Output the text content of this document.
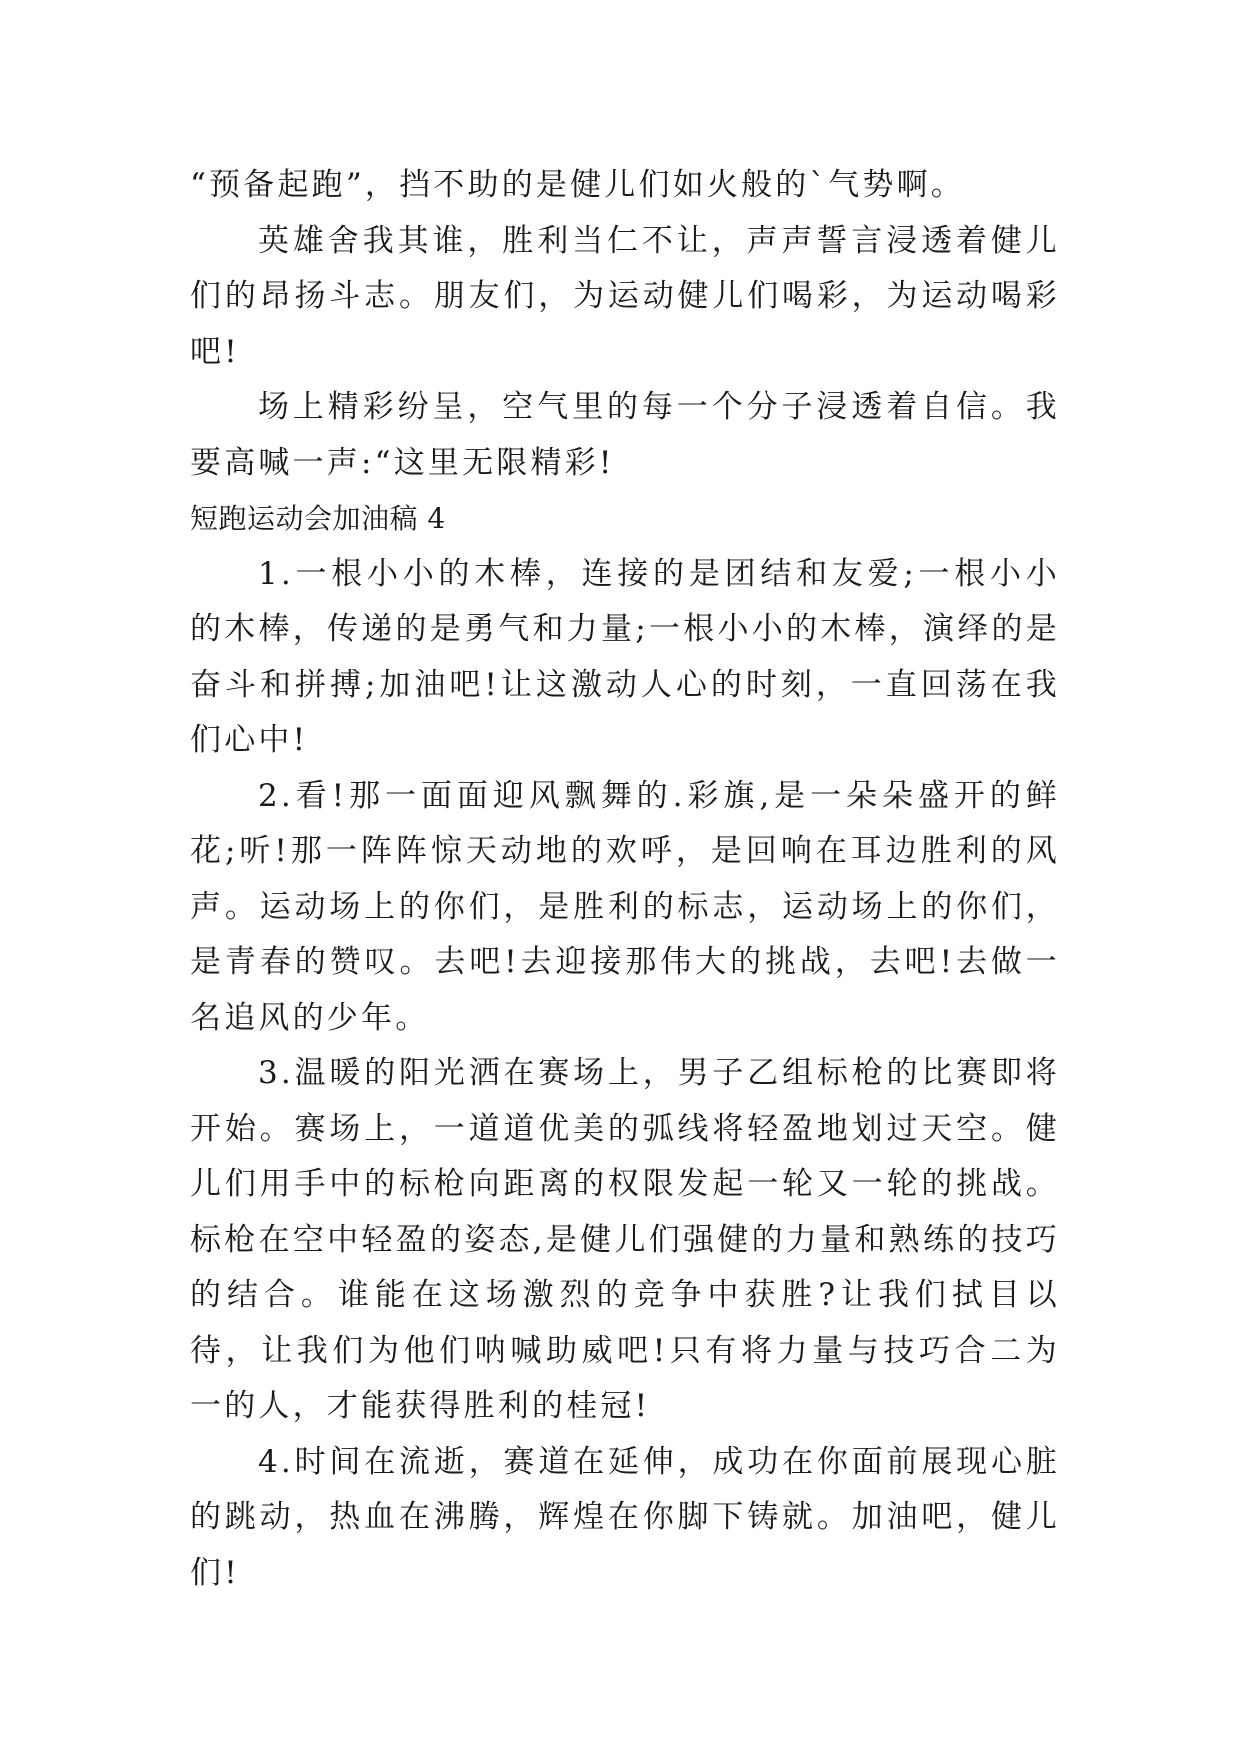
“预备起跑”，挡不助的是健儿们如火般的`气势啊。

英雄舍我其谁，胜利当仁不让，声声誓言浸透着健儿们的昂扬斗志。朋友们，为运动健儿们喝彩，为运动喝彩吧!

场上精彩纷呈，空气里的每一个分子浸透着自信。我要高喊一声:“这里无限精彩!

短跑运动会加油稿 4

1.一根小小的木棒，连接的是团结和友爱;一根小小的木棒，传递的是勇气和力量;一根小小的木棒，演绎的是奋斗和拼搏;加油吧!让这激动人心的时刻，一直回荡在我们心中!

2.看!那一面面迎风飘舞的.彩旗,是一朵朵盛开的鲜花;听!那一阵阵惊天动地的欢呼，是回响在耳边胜利的风声。运动场上的你们，是胜利的标志，运动场上的你们，是青春的赞叹。去吧!去迎接那伟大的挑战，去吧!去做一名追风的少年。

3.温暖的阳光洒在赛场上，男子乙组标枪的比赛即将开始。赛场上，一道道优美的弧线将轻盈地划过天空。健儿们用手中的标枪向距离的权限发起一轮又一轮的挑战。标枪在空中轻盈的姿态,是健儿们强健的力量和熟练的技巧的结合。谁能在这场激烈的竞争中获胜?让我们拭目以待，让我们为他们呐喊助威吧!只有将力量与技巧合二为一的人，才能获得胜利的桂冠!

4.时间在流逝，赛道在延伸，成功在你面前展现心脏的跳动，热血在沸腾，辉煌在你脚下铸就。加油吧，健儿们!
